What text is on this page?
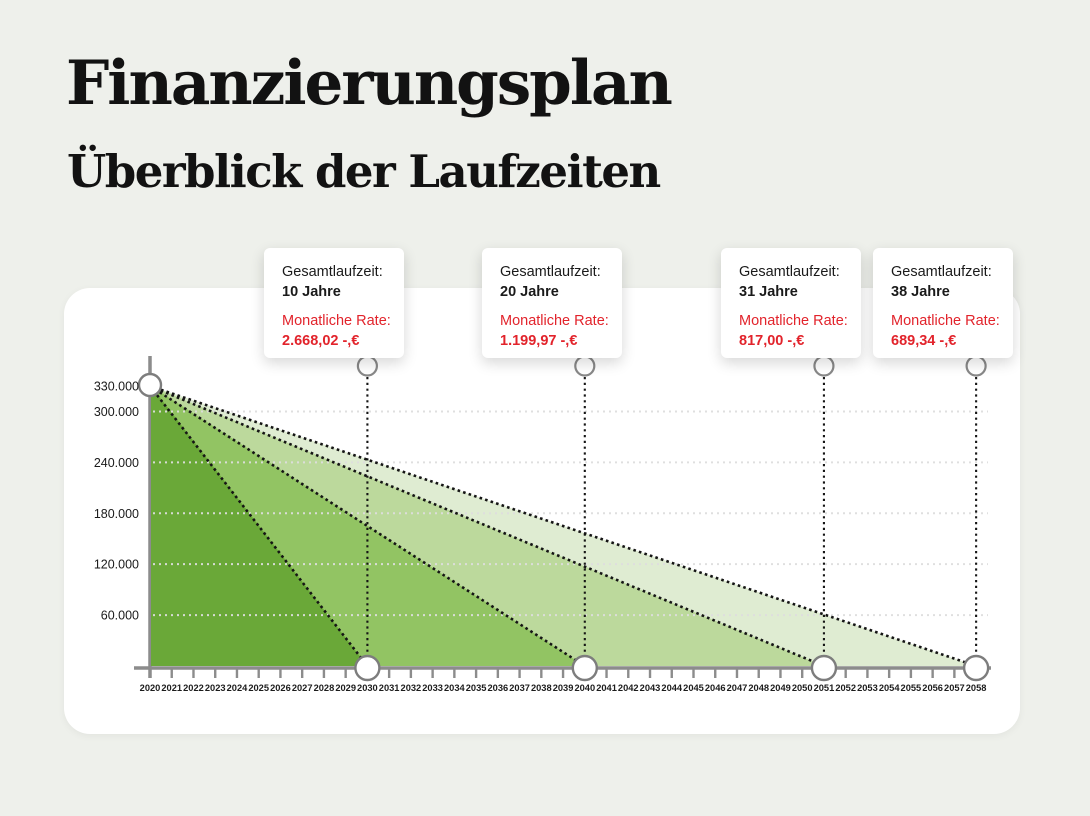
Finanzierungsplan
Überblick der Laufzeiten
330.000
300.000
240.000
180.000
120.000
60.000
2020 2021 2022 2023 2024 2025 2026 2027 2028 2029 2030 2031 2032 2033 2034 2035 2036 2037 2038 2039 2040 2041 2042 2043 2044 2045 2046 2047 2048 2049 2050 2051 2052 2053 2054 2055 2056 2057 2058
Gesamtlaufzeit:
10 Jahre
Monatliche Rate:
2.668,02 -,€
Gesamtlaufzeit:
20 Jahre
Monatliche Rate:
1.199,97 -,€
Gesamtlaufzeit:
31 Jahre
Monatliche Rate:
817,00 -,€
Gesamtlaufzeit:
38 Jahre
Monatliche Rate:
689,34 -,€
